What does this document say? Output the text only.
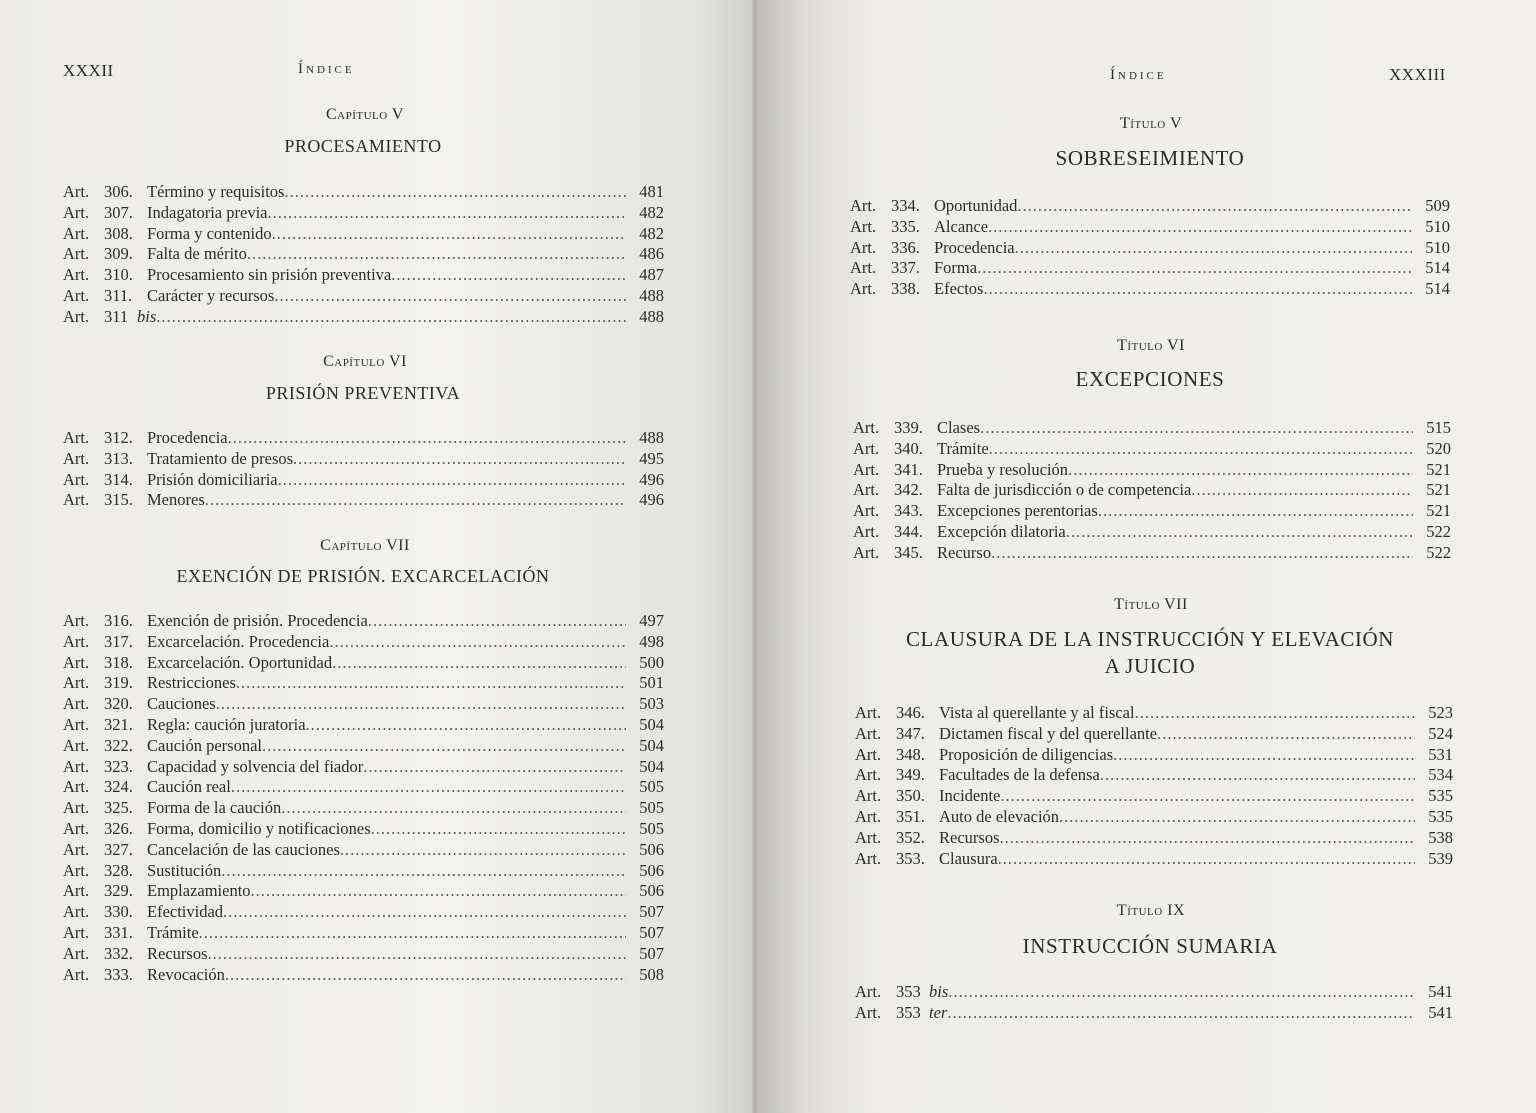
XXXII	Índice
Capítulo V
PROCESAMIENTO
Art. 306. Término y requisitos .....	481
Art. 307. Indagatoria previa .....	482
Art. 308. Forma y contenido .....	482
Art. 309. Falta de mérito .....	486
Art. 310. Procesamiento sin prisión preventiva .....	487
Art. 311. Carácter y recursos .....	488
Art. 311 bis .....	488
Capítulo VI
PRISIÓN PREVENTIVA
Art. 312. Procedencia .....	488
Art. 313. Tratamiento de presos .....	495
Art. 314. Prisión domiciliaria .....	496
Art. 315. Menores .....	496
Capítulo VII
EXENCIÓN DE PRISIÓN. EXCARCELACIÓN
Art. 316. Exención de prisión. Procedencia .....	497
Art. 317. Excarcelación. Procedencia .....	498
Art. 318. Excarcelación. Oportunidad .....	500
Art. 319. Restricciones .....	501
Art. 320. Cauciones .....	503
Art. 321. Regla: caución juratoria .....	504
Art. 322. Caución personal .....	504
Art. 323. Capacidad y solvencia del fiador .....	504
Art. 324. Caución real .....	505
Art. 325. Forma de la caución .....	505
Art. 326. Forma, domicilio y notificaciones .....	505
Art. 327. Cancelación de las cauciones .....	506
Art. 328. Sustitución .....	506
Art. 329. Emplazamiento .....	506
Art. 330. Efectividad .....	507
Art. 331. Trámite .....	507
Art. 332. Recursos .....	507
Art. 333. Revocación .....	508
Índice	XXXIII
Título V
SOBRESEIMIENTO
Art. 334. Oportunidad .....	509
Art. 335. Alcance .....	510
Art. 336. Procedencia .....	510
Art. 337. Forma .....	514
Art. 338. Efectos .....	514
Título VI
EXCEPCIONES
Art. 339. Clases .....	515
Art. 340. Trámite .....	520
Art. 341. Prueba y resolución .....	521
Art. 342. Falta de jurisdicción o de competencia .....	521
Art. 343. Excepciones perentorias .....	521
Art. 344. Excepción dilatoria .....	522
Art. 345. Recurso .....	522
Título VII
CLAUSURA DE LA INSTRUCCIÓN Y ELEVACIÓN
A JUICIO
Art. 346. Vista al querellante y al fiscal .....	523
Art. 347. Dictamen fiscal y del querellante .....	524
Art. 348. Proposición de diligencias .....	531
Art. 349. Facultades de la defensa .....	534
Art. 350. Incidente .....	535
Art. 351. Auto de elevación .....	535
Art. 352. Recursos .....	538
Art. 353. Clausura .....	539
Título IX
INSTRUCCIÓN SUMARIA
Art. 353 bis .....	541
Art. 353 ter .....	541
